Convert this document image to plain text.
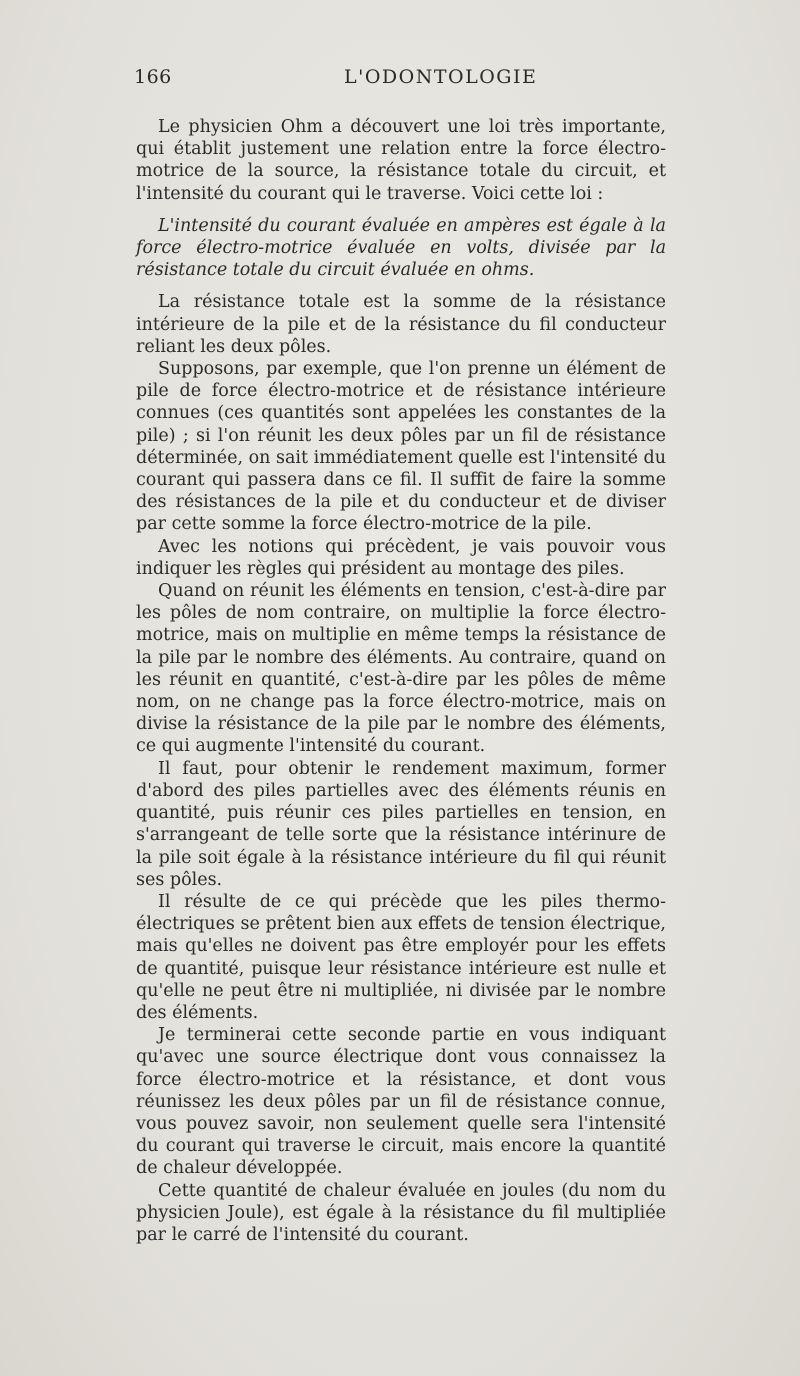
166	L'ODONTOLOGIE

Le physicien Ohm a découvert une loi très importante, qui établit justement une relation entre la force électro-motrice de la source, la résistance totale du circuit, et l'intensité du courant qui le traverse. Voici cette loi :

L'intensité du courant évaluée en ampères est égale à la force électro-motrice évaluée en volts, divisée par la résistance totale du circuit évaluée en ohms.

La résistance totale est la somme de la résistance intérieure de la pile et de la résistance du fil conducteur reliant les deux pôles.

Supposons, par exemple, que l'on prenne un élément de pile de force électro-motrice et de résistance intérieure connues (ces quantités sont appelées les constantes de la pile) ; si l'on réunit les deux pôles par un fil de résistance déterminée, on sait immédiatement quelle est l'intensité du courant qui passera dans ce fil. Il suffit de faire la somme des résistances de la pile et du conducteur et de diviser par cette somme la force électro-motrice de la pile.

Avec les notions qui précèdent, je vais pouvoir vous indiquer les règles qui président au montage des piles.

Quand on réunit les éléments en tension, c'est-à-dire par les pôles de nom contraire, on multiplie la force électro-motrice, mais on multiplie en même temps la résistance de la pile par le nombre des éléments. Au contraire, quand on les réunit en quantité, c'est-à-dire par les pôles de même nom, on ne change pas la force électro-motrice, mais on divise la résistance de la pile par le nombre des éléments, ce qui augmente l'intensité du courant.

Il faut, pour obtenir le rendement maximum, former d'abord des piles partielles avec des éléments réunis en quantité, puis réunir ces piles partielles en tension, en s'arrangeant de telle sorte que la résistance intérinure de la pile soit égale à la résistance intérieure du fil qui réunit ses pôles.

Il résulte de ce qui précède que les piles thermo-électriques se prêtent bien aux effets de tension électrique, mais qu'elles ne doivent pas être employér pour les effets de quantité, puisque leur résistance intérieure est nulle et qu'elle ne peut être ni multipliée, ni divisée par le nombre des éléments.

Je terminerai cette seconde partie en vous indiquant qu'avec une source électrique dont vous connaissez la force électro-motrice et la résistance, et dont vous réunissez les deux pôles par un fil de résistance connue, vous pouvez savoir, non seulement quelle sera l'intensité du courant qui traverse le circuit, mais encore la quantité de chaleur développée.

Cette quantité de chaleur évaluée en joules (du nom du physicien Joule), est égale à la résistance du fil multipliée par le carré de l'intensité du courant.
